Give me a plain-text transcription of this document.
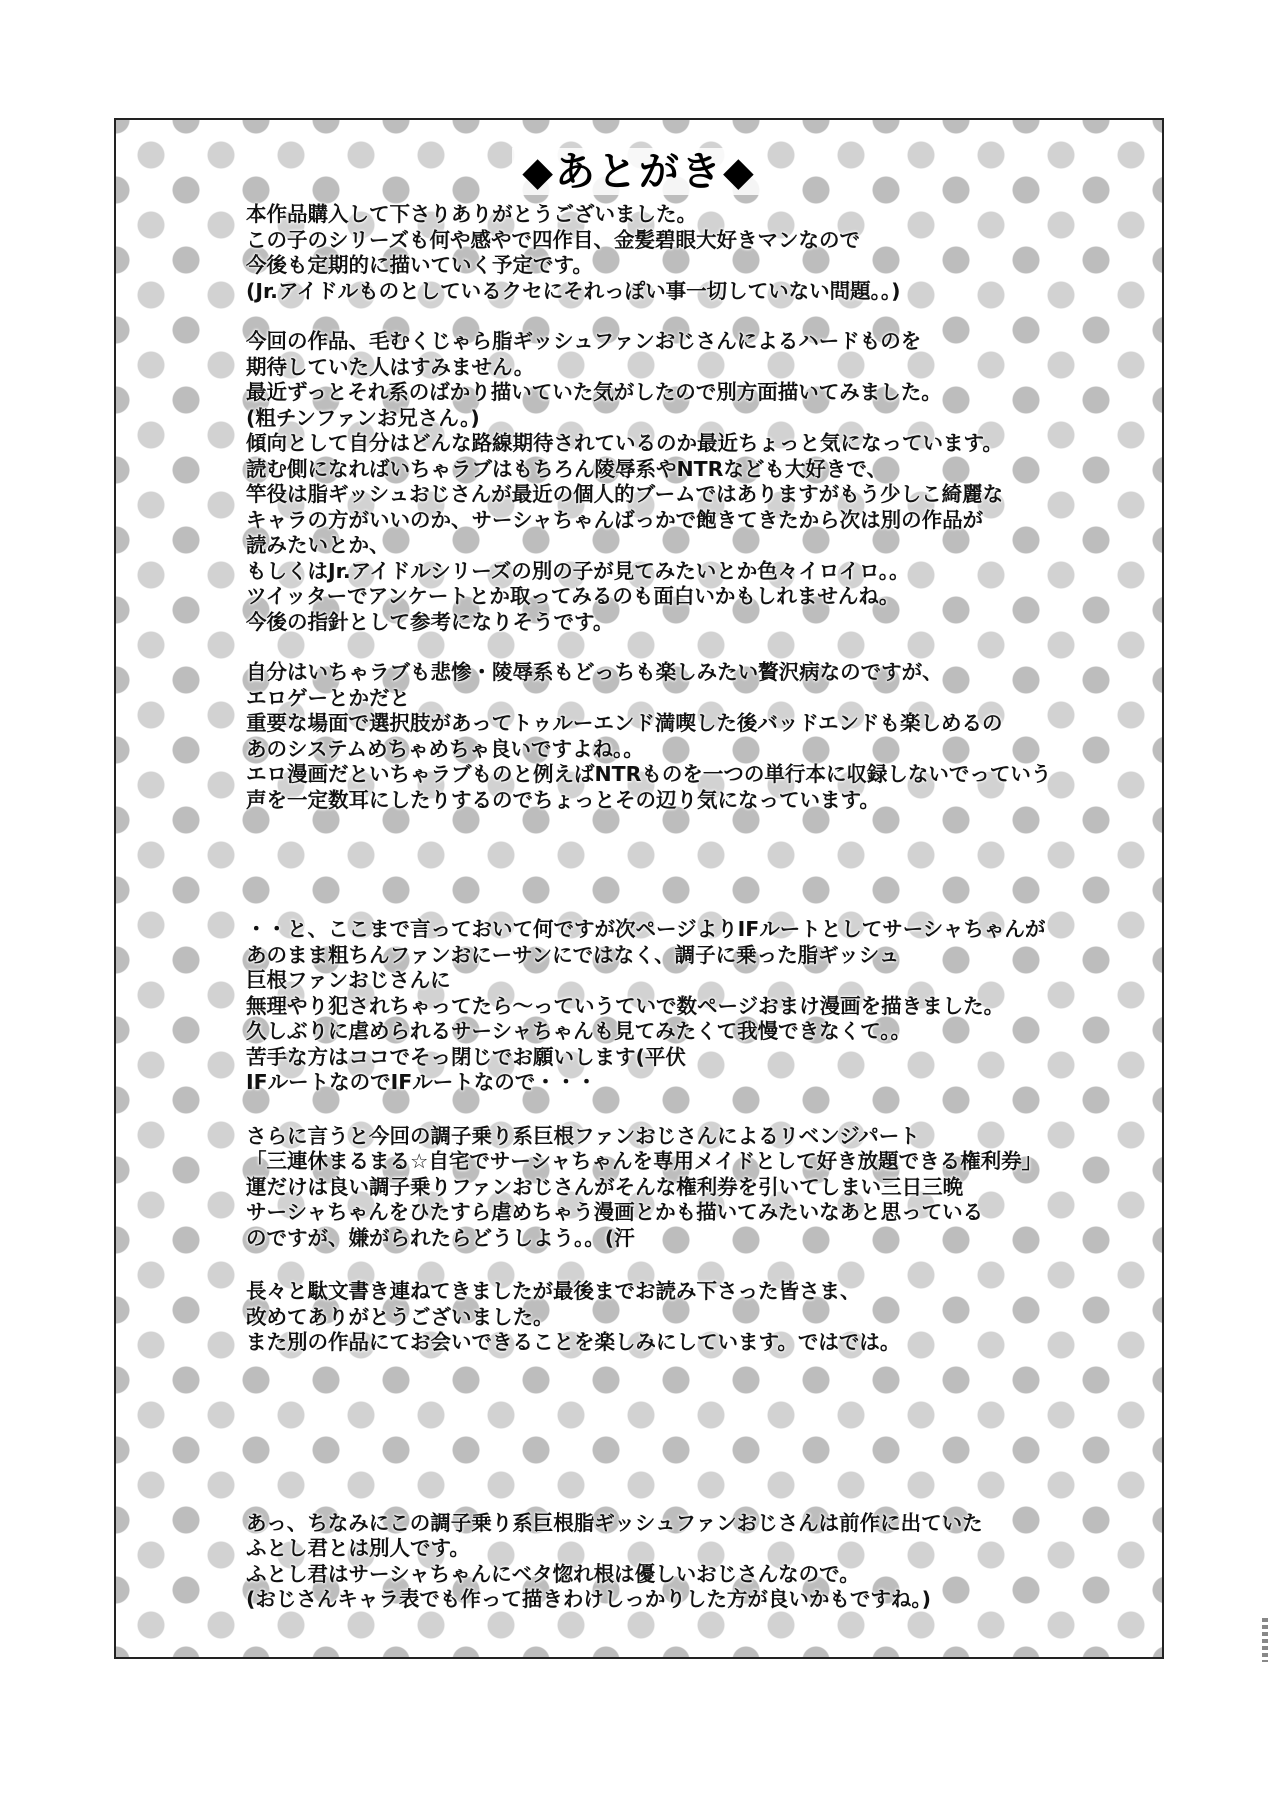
◆あとがき◆
本作品購入して下さりありがとうございました。
この子のシリーズも何や感やで四作目、金髪碧眼大好きマンなので
今後も定期的に描いていく予定です。
(Jr.アイドルものとしているクセにそれっぽい事一切していない問題。。)
今回の作品、毛むくじゃら脂ギッシュファンおじさんによるハードものを
期待していた人はすみません。
最近ずっとそれ系のばかり描いていた気がしたので別方面描いてみました。
(粗チンファンお兄さん。)
傾向として自分はどんな路線期待されているのか最近ちょっと気になっています。
読む側になればいちゃラブはもちろん陵辱系やNTRなども大好きで、
竿役は脂ギッシュおじさんが最近の個人的ブームではありますがもう少しこ綺麗な
キャラの方がいいのか、サーシャちゃんばっかで飽きてきたから次は別の作品が
読みたいとか、
もしくはJr.アイドルシリーズの別の子が見てみたいとか色々イロイロ。。
ツイッターでアンケートとか取ってみるのも面白いかもしれませんね。
今後の指針として参考になりそうです。
自分はいちゃラブも悲惨・陵辱系もどっちも楽しみたい贅沢病なのですが、
エロゲーとかだと
重要な場面で選択肢があってトゥルーエンド満喫した後バッドエンドも楽しめるの
あのシステムめちゃめちゃ良いですよね。。
エロ漫画だといちゃラブものと例えばNTRものを一つの単行本に収録しないでっていう
声を一定数耳にしたりするのでちょっとその辺り気になっています。
・・と、ここまで言っておいて何ですが次ページよりIFルートとしてサーシャちゃんが
あのまま粗ちんファンおにーサンにではなく、調子に乗った脂ギッシュ
巨根ファンおじさんに
無理やり犯されちゃってたら～っていうていで数ページおまけ漫画を描きました。
久しぶりに虐められるサーシャちゃんも見てみたくて我慢できなくて。。
苦手な方はココでそっ閉じでお願いします(平伏
IFルートなのでIFルートなので・・・
さらに言うと今回の調子乗り系巨根ファンおじさんによるリベンジパート
「三連休まるまる☆自宅でサーシャちゃんを専用メイドとして好き放題できる権利券」
運だけは良い調子乗りファンおじさんがそんな権利券を引いてしまい三日三晩
サーシャちゃんをひたすら虐めちゃう漫画とかも描いてみたいなあと思っている
のですが、嫌がられたらどうしよう。。(汗
長々と駄文書き連ねてきましたが最後までお読み下さった皆さま、
改めてありがとうございました。
また別の作品にてお会いできることを楽しみにしています。ではでは。
あっ、ちなみにこの調子乗り系巨根脂ギッシュファンおじさんは前作に出ていた
ふとし君とは別人です。
ふとし君はサーシャちゃんにベタ惚れ根は優しいおじさんなので。
(おじさんキャラ表でも作って描きわけしっかりした方が良いかもですね。)
